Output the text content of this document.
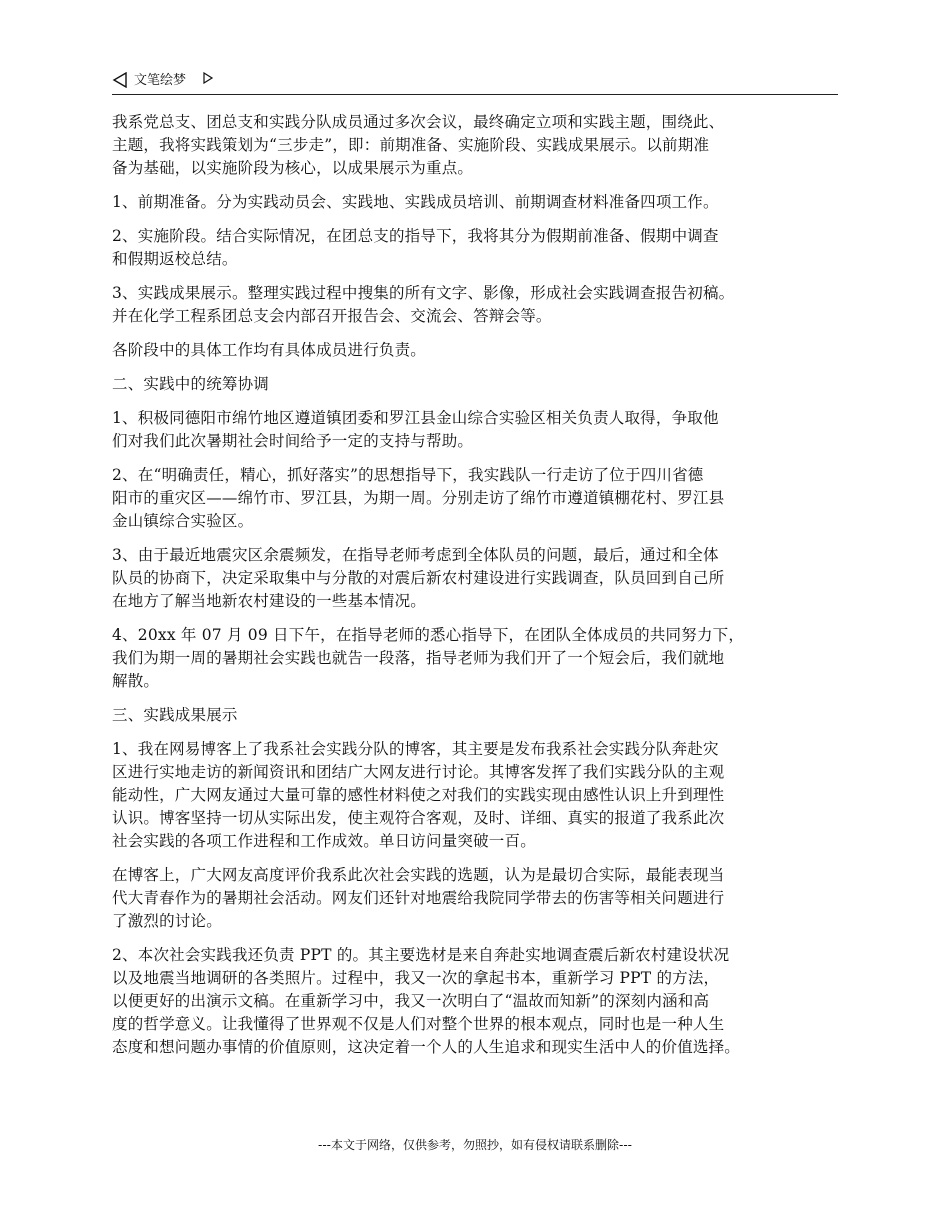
文笔绘梦

我系党总支、团总支和实践分队成员通过多次会议，最终确定立项和实践主题，围绕此、
主题，我将实践策划为“三步走”，即：前期准备、实施阶段、实践成果展示。以前期准
备为基础，以实施阶段为核心，以成果展示为重点。

1、前期准备。分为实践动员会、实践地、实践成员培训、前期调查材料准备四项工作。

2、实施阶段。结合实际情况，在团总支的指导下，我将其分为假期前准备、假期中调查
和假期返校总结。

3、实践成果展示。整理实践过程中搜集的所有文字、影像，形成社会实践调查报告初稿。
并在化学工程系团总支会内部召开报告会、交流会、答辩会等。

各阶段中的具体工作均有具体成员进行负责。

二、实践中的统筹协调

1、积极同德阳市绵竹地区遵道镇团委和罗江县金山综合实验区相关负责人取得，争取他
们对我们此次暑期社会时间给予一定的支持与帮助。

2、在“明确责任，精心，抓好落实”的思想指导下，我实践队一行走访了位于四川省德
阳市的重灾区——绵竹市、罗江县，为期一周。分别走访了绵竹市遵道镇棚花村、罗江县
金山镇综合实验区。

3、由于最近地震灾区余震频发，在指导老师考虑到全体队员的问题，最后，通过和全体
队员的协商下，决定采取集中与分散的对震后新农村建设进行实践调查，队员回到自己所
在地方了解当地新农村建设的一些基本情况。

4、20xx 年 07 月 09 日下午，在指导老师的悉心指导下，在团队全体成员的共同努力下，
我们为期一周的暑期社会实践也就告一段落，指导老师为我们开了一个短会后，我们就地
解散。

三、实践成果展示

1、我在网易博客上了我系社会实践分队的博客，其主要是发布我系社会实践分队奔赴灾
区进行实地走访的新闻资讯和团结广大网友进行讨论。其博客发挥了我们实践分队的主观
能动性，广大网友通过大量可靠的感性材料使之对我们的实践实现由感性认识上升到理性
认识。博客坚持一切从实际出发，使主观符合客观，及时、详细、真实的报道了我系此次
社会实践的各项工作进程和工作成效。单日访问量突破一百。

在博客上，广大网友高度评价我系此次社会实践的选题，认为是最切合实际，最能表现当
代大青春作为的暑期社会活动。网友们还针对地震给我院同学带去的伤害等相关问题进行
了激烈的讨论。

2、本次社会实践我还负责 PPT 的。其主要选材是来自奔赴实地调查震后新农村建设状况
以及地震当地调研的各类照片。过程中，我又一次的拿起书本，重新学习 PPT 的方法，
以便更好的出演示文稿。在重新学习中，我又一次明白了“温故而知新”的深刻内涵和高
度的哲学意义。让我懂得了世界观不仅是人们对整个世界的根本观点，同时也是一种人生
态度和想问题办事情的价值原则，这决定着一个人的人生追求和现实生活中人的价值选择。

---本文于网络，仅供参考，勿照抄，如有侵权请联系删除---
